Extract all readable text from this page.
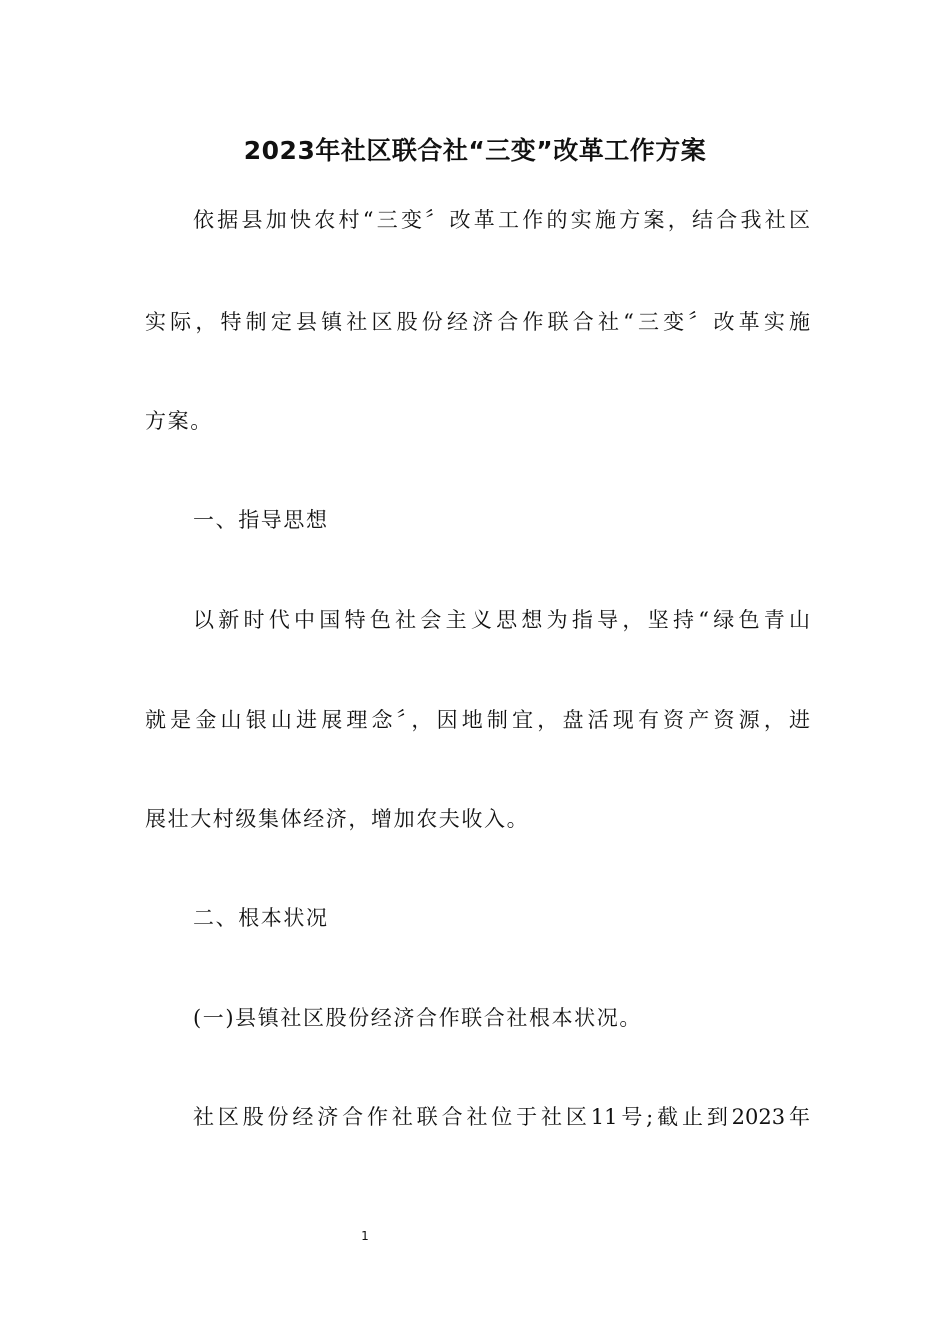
2023年社区联合社“三变”改革工作方案
依据县加快农村“三变〞改革工作的实施方案，结合我社区
实际，特制定县镇社区股份经济合作联合社“三变〞改革实施
方案。
一、指导思想
以新时代中国特色社会主义思想为指导，坚持“绿色青山
就是金山银山进展理念〞，因地制宜，盘活现有资产资源，进
展壮大村级集体经济，增加农夫收入。
二、根本状况
(一)县镇社区股份经济合作联合社根本状况。
社区股份经济合作社联合社位于社区11号;截止到2023年
1
